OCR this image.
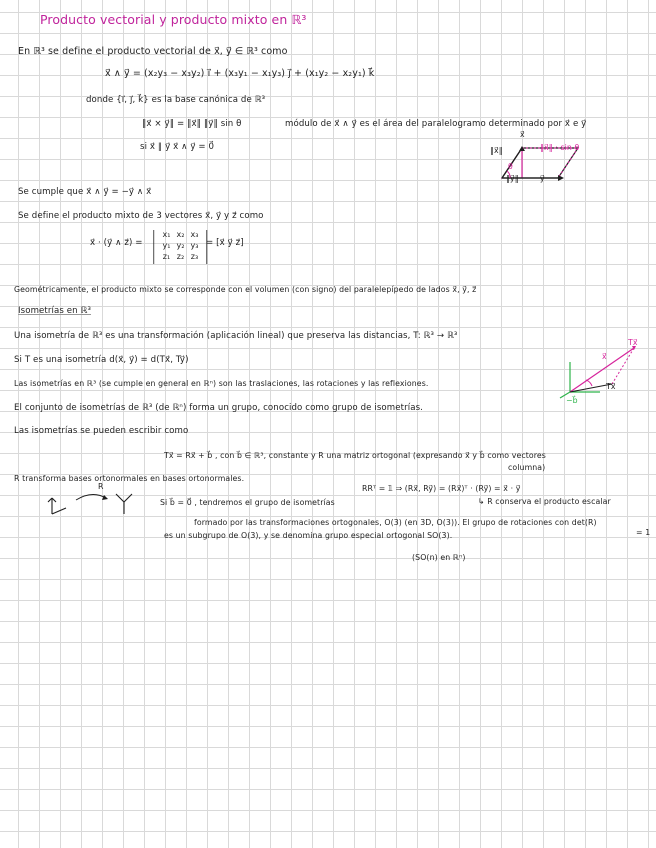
Producto vectorial y producto mixto en ℝ³
En ℝ³ se define el producto vectorial de x⃗, y⃗ ∈ ℝ³ como
x⃗ ∧ y⃗ = (x₂y₃ − x₃y₂) i⃗ + (x₃y₁ − x₁y₃) j⃗ + (x₁y₂ − x₂y₁) k⃗
donde {i⃗, j⃗, k⃗} es la base canónica de ℝ³
‖x⃗ × y⃗‖ = ‖x⃗‖ ‖y⃗‖ sin θ	módulo de x⃗ ∧ y⃗ es el área del paralelogramo determinado por x⃗ e y⃗
si x⃗ ∥ y⃗ x⃗ ∧ y⃗ = 0⃗
x⃗
‖x⃗‖
θ
‖x⃗‖ · sin θ
‖y⃗‖	y⃗
Se cumple que x⃗ ∧ y⃗ = −y⃗ ∧ x⃗
Se define el producto mixto de 3 vectores x⃗, y⃗ y z⃗ como
x⃗ · (y⃗ ∧ z⃗) = | x₁ x₂ x₃
y₁ y₂ y₃
z₁ z₂ z₃ |
= [x⃗ y⃗ z⃗]
Geométricamente, el producto mixto se corresponde con el volumen (con signo) del paralelepípedo de lados x⃗, y⃗, z⃗
Isometrías en ℝ³
Una isometría de ℝ³ es una transformación (aplicación lineal) que preserva las distancias, T: ℝ³ → ℝ³
Si T es una isometría d(x⃗, y⃗) = d(Tx⃗, Ty⃗)
Las isometrías en ℝ³ (se cumple en general en ℝⁿ) son las traslaciones, las rotaciones y las reflexiones.
El conjunto de isometrías de ℝ³ (de ℝⁿ) forma un grupo, conocido como grupo de isometrías.
Tx⃗
x⃗
Tx⃗
−b⃗
Las isometrías se pueden escribir como
Tx⃗ = Rx⃗ + b⃗ , con b⃗ ∈ ℝ³, constante y R una matriz ortogonal (expresando x⃗ y b⃗ como vectores
columna)
R transforma bases ortonormales en bases ortonormales.
RRᵀ = 𝟙 ⇒ (Rx⃗, Ry⃗) = (Rx⃗)ᵀ · (Ry⃗) = x⃗ · y⃗
R
Si b⃗ = 0⃗ , tendremos el grupo de isometrías	↳ R conserva el producto escalar
formado por las transformaciones ortogonales, O(3) (en 3D, O(3)). El grupo de rotaciones con det(R)
= 1
es un subgrupo de O(3), y se denomina grupo especial ortogonal SO(3).
(SO(n) en ℝⁿ)
